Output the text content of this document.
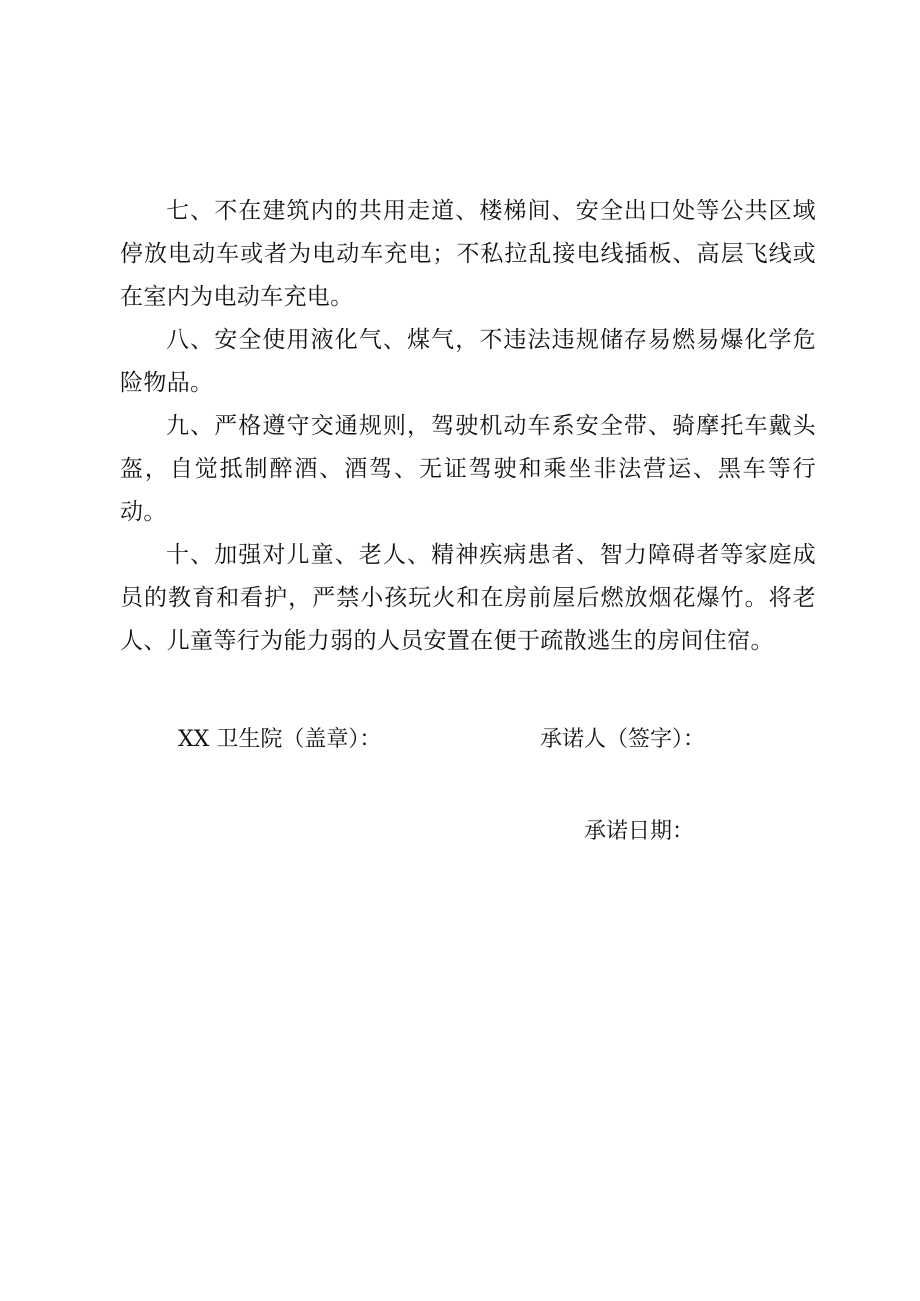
七、不在建筑内的共用走道、楼梯间、安全出口处等公共区域停放电动车或者为电动车充电；不私拉乱接电线插板、高层飞线或在室内为电动车充电。

八、安全使用液化气、煤气，不违法违规储存易燃易爆化学危险物品。

九、严格遵守交通规则，驾驶机动车系安全带、骑摩托车戴头盔，自觉抵制醉酒、酒驾、无证驾驶和乘坐非法营运、黑车等行动。

十、加强对儿童、老人、精神疾病患者、智力障碍者等家庭成员的教育和看护，严禁小孩玩火和在房前屋后燃放烟花爆竹。将老人、儿童等行为能力弱的人员安置在便于疏散逃生的房间住宿。

XX 卫生院（盖章）：	承诺人（签字）：
承诺日期：
